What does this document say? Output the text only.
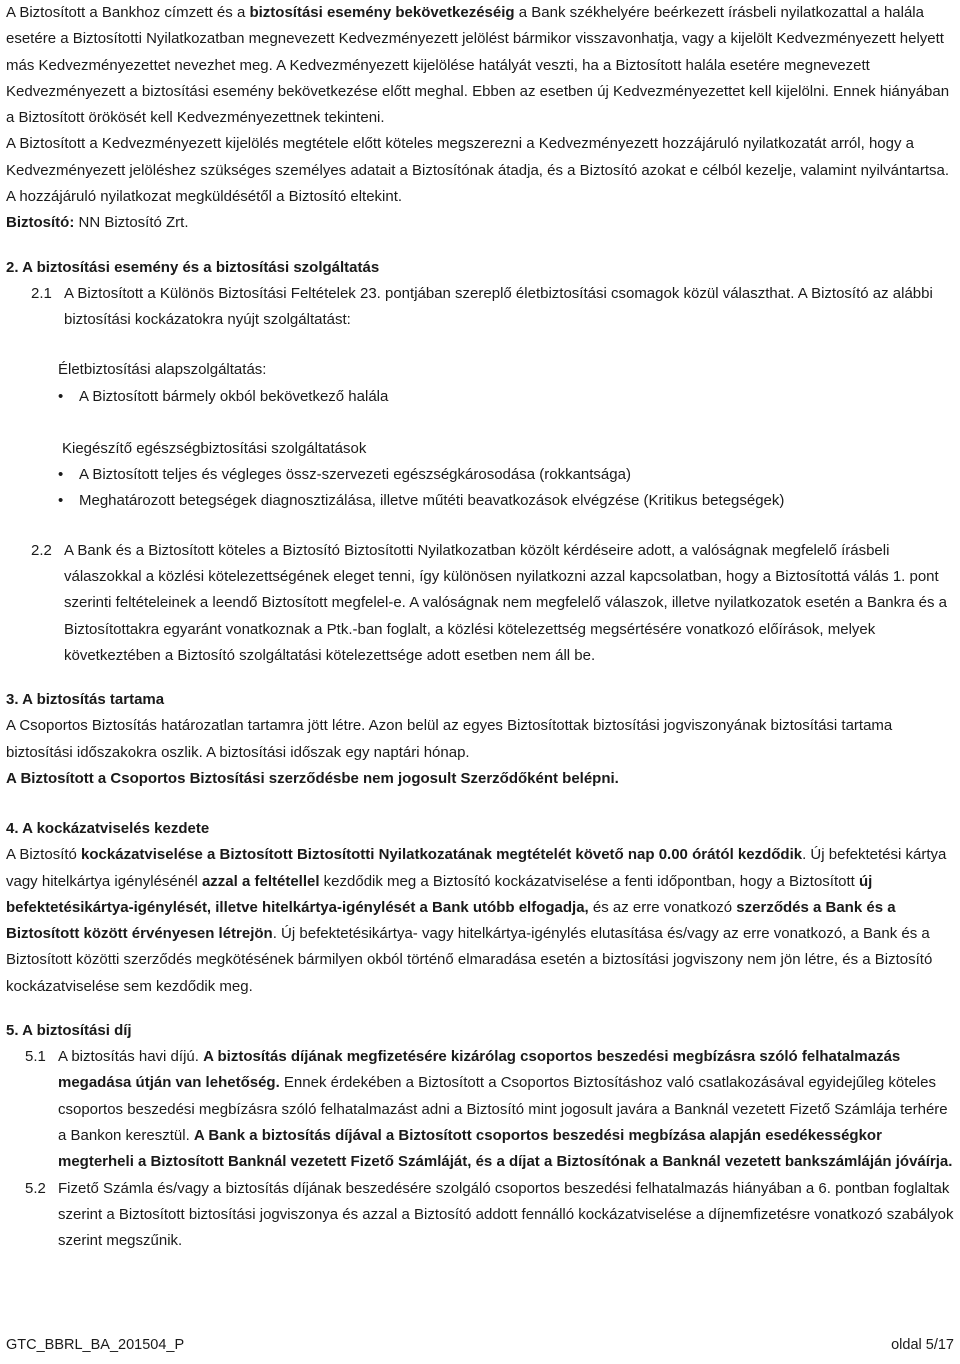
A Biztosított a Bankhoz címzett és a biztosítási esemény bekövetkezéséig a Bank székhelyére beérkezett írásbeli nyilatkozattal a halála esetére a Biztosítotti Nyilatkozatban megnevezett Kedvezményezett jelölést bármikor visszavonhatja, vagy a kijelölt Kedvezményezett helyett más Kedvezményezettet nevezhet meg. A Kedvezményezett kijelölése hatályát veszti, ha a Biztosított halála esetére megnevezett Kedvezményezett a biztosítási esemény bekövetkezése előtt meghal. Ebben az esetben új Kedvezményezettet kell kijelölni. Ennek hiányában a Biztosított örökösét kell Kedvezményezettnek tekinteni.

A Biztosított a Kedvezményezett kijelölés megtétele előtt köteles megszerezni a Kedvezményezett hozzájáruló nyilatkozatát arról, hogy a Kedvezményezett jelöléshez szükséges személyes adatait a Biztosítónak átadja, és a Biztosító azokat e célból kezelje, valamint nyilvántartsa. A hozzájáruló nyilatkozat megküldésétől a Biztosító eltekint.

Biztosító: NN Biztosító Zrt.

2. A biztosítási esemény és a biztosítási szolgáltatás

2.1 A Biztosított a Különös Biztosítási Feltételek 23. pontjában szereplő életbiztosítási csomagok közül választhat. A Biztosító az alábbi biztosítási kockázatokra nyújt szolgáltatást:

Életbiztosítási alapszolgáltatás:

•	A Biztosított bármely okból bekövetkező halála

Kiegészítő egészségbiztosítási szolgáltatások

•	A Biztosított teljes és végleges össz-szervezeti egészségkárosodása (rokkantsága)
•	Meghatározott betegségek diagnosztizálása, illetve műtéti beavatkozások elvégzése (Kritikus betegségek)
2.2 A Bank és a Biztosított köteles a Biztosító Biztosítotti Nyilatkozatban közölt kérdéseire adott, a valóságnak megfelelő írásbeli válaszokkal a közlési kötelezettségének eleget tenni, így különösen nyilatkozni azzal kapcsolatban, hogy a Biztosítottá válás 1. pont szerinti feltételeinek a leendő Biztosított megfelel-e. A valóságnak nem megfelelő válaszok, illetve nyilatkozatok esetén a Bankra és a Biztosítottakra egyaránt vonatkoznak a Ptk.-ban foglalt, a közlési kötelezettség megsértésére vonatkozó előírások, melyek következtében a Biztosító szolgáltatási kötelezettsége adott esetben nem áll be.

3. A biztosítás tartama

A Csoportos Biztosítás határozatlan tartamra jött létre. Azon belül az egyes Biztosítottak biztosítási jogviszonyának biztosítási tartama biztosítási időszakokra oszlik. A biztosítási időszak egy naptári hónap.

A Biztosított a Csoportos Biztosítási szerződésbe nem jogosult Szerződőként belépni.

4. A kockázatviselés kezdete

A Biztosító kockázatviselése a Biztosított Biztosítotti Nyilatkozatának megtételét követő nap 0.00 órától kezdődik. Új befektetési kártya vagy hitelkártya igénylésénél azzal a feltétellel kezdődik meg a Biztosító kockázatviselése a fenti időpontban, hogy a Biztosított új befektetésikártya-igénylését, illetve hitelkártya-igénylését a Bank utóbb elfogadja, és az erre vonatkozó szerződés a Bank és a Biztosított között érvényesen létrejön. Új befektetésikártya- vagy hitelkártya-igénylés elutasítása és/vagy az erre vonatkozó, a Bank és a Biztosított közötti szerződés megkötésének bármilyen okból történő elmaradása esetén a biztosítási jogviszony nem jön létre, és a Biztosító kockázatviselése sem kezdődik meg.

5. A biztosítási díj

5.1 A biztosítás havi díjú. A biztosítás díjának megfizetésére kizárólag csoportos beszedési megbízásra szóló felhatalmazás megadása útján van lehetőség. Ennek érdekében a Biztosított a Csoportos Biztosításhoz való csatlakozásával egyidejűleg köteles csoportos beszedési megbízásra szóló felhatalmazást adni a Biztosító mint jogosult javára a Banknál vezetett Fizető Számlája terhére a Bankon keresztül. A Bank a biztosítás díjával a Biztosított csoportos beszedési megbízása alapján esedékességkor megterheli a Biztosított Banknál vezetett Fizető Számláját, és a díjat a Biztosítónak a Banknál vezetett bankszámláján jóváírja.
5.2 Fizető Számla és/vagy a biztosítás díjának beszedésére szolgáló csoportos beszedési felhatalmazás hiányában a 6. pontban foglaltak szerint a Biztosított biztosítási jogviszonya és azzal a Biztosító addott fennálló kockázatviselése a díjnemfizetésre vonatkozó szabályok szerint megszűnik.
GTC_BBRL_BA_201504_P	oldal 5/17
